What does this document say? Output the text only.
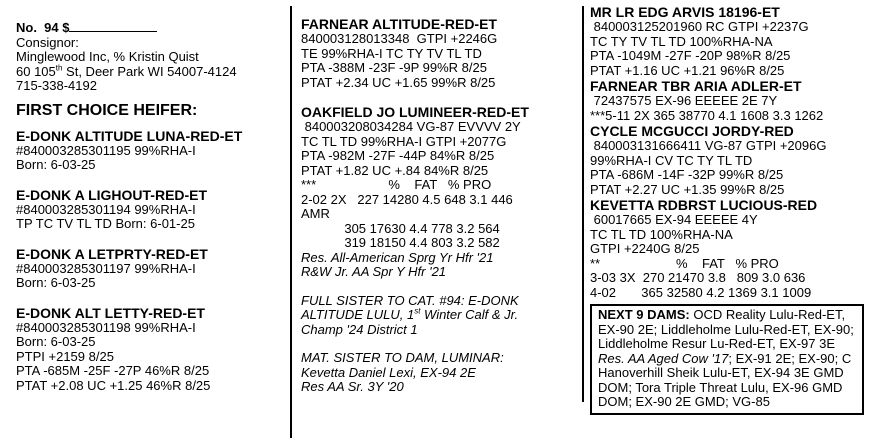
No.  94 $
Consignor:
Minglewood Inc, % Kristin Quist
60 105th St, Deer Park WI 54007-4124
715-338-4192
FIRST CHOICE HEIFER:
E-DONK ALTITUDE LUNA-RED-ET
#840003285301195 99%RHA-I
Born: 6-03-25
E-DONK A LIGHOUT-RED-ET
#840003285301194 99%RHA-I
TP TC TV TL TD Born: 6-01-25
E-DONK A LETPRTY-RED-ET
#840003285301197 99%RHA-I
Born: 6-03-25
E-DONK ALT LETTY-RED-ET
#840003285301198 99%RHA-I
Born: 6-03-25
PTPI +2159 8/25
PTA -685M -25F -27P 46%R 8/25
PTAT +2.08 UC +1.25 46%R 8/25
FARNEAR ALTITUDE-RED-ET
840003128013348  GTPI +2246G
TE 99%RHA-I TC TY TV TL TD
PTA -388M -23F -9P 99%R 8/25
PTAT +2.34 UC +1.65 99%R 8/25
OAKFIELD JO LUMINEER-RED-ET
840003208034284 VG-87 EVVVV 2Y
TC TL TD 99%RHA-I GTPI +2077G
PTA -982M -27F -44P 84%R 8/25
PTAT +1.82 UC +.84 84%R 8/25
***                    %    FAT   % PRO
2-02 2X   227 14280 4.5 648 3.1 446
AMR
305 17630 4.4 778 3.2 564
319 18150 4.4 803 3.2 582
Res. All-American Sprg Yr Hfr '21
R&W Jr. AA Spr Y Hfr '21
FULL SISTER TO CAT. #94: E-DONK
ALTITUDE LULU, 1st Winter Calf & Jr.
Champ '24 District 1
MAT. SISTER TO DAM, LUMINAR:
Kevetta Daniel Lexi, EX-94 2E
Res AA Sr. 3Y '20
MR LR EDG ARVIS 18196-ET
840003125201960 RC GTPI +2237G
TC TY TV TL TD 100%RHA-NA
PTA -1049M -27F -20P 98%R 8/25
PTAT +1.16 UC +1.21 96%R 8/25
FARNEAR TBR ARIA ADLER-ET
72437575 EX-96 EEEEE 2E 7Y
***5-11 2X 365 38770 4.1 1608 3.3 1262
CYCLE MCGUCCI JORDY-RED
840003131666411 VG-87 GTPI +2096G
99%RHA-I CV TC TY TL TD
PTA -686M -14F -32P 99%R 8/25
PTAT +2.27 UC +1.35 99%R 8/25
KEVETTA RDBRST LUCIOUS-RED
60017665 EX-94 EEEEE 4Y
TC TL TD 100%RHA-NA
GTPI +2240G 8/25
**                     %    FAT   % PRO
3-03 3X  270 21470 3.8   809 3.0 636
4-02       365 32580 4.2 1369 3.1 1009
NEXT 9 DAMS: OCD Reality Lulu-Red-ET, EX-90 2E; Liddleholme Lulu-Red-ET, EX-90; Liddleholme Resur Lu-Red-ET, EX-97 3E Res. AA Aged Cow '17; EX-91 2E; EX-90; C Hanoverhill Sheik Lulu-ET, EX-94 3E GMD DOM; Tora Triple Threat Lulu, EX-96 GMD DOM; EX-90 2E GMD; VG-85
